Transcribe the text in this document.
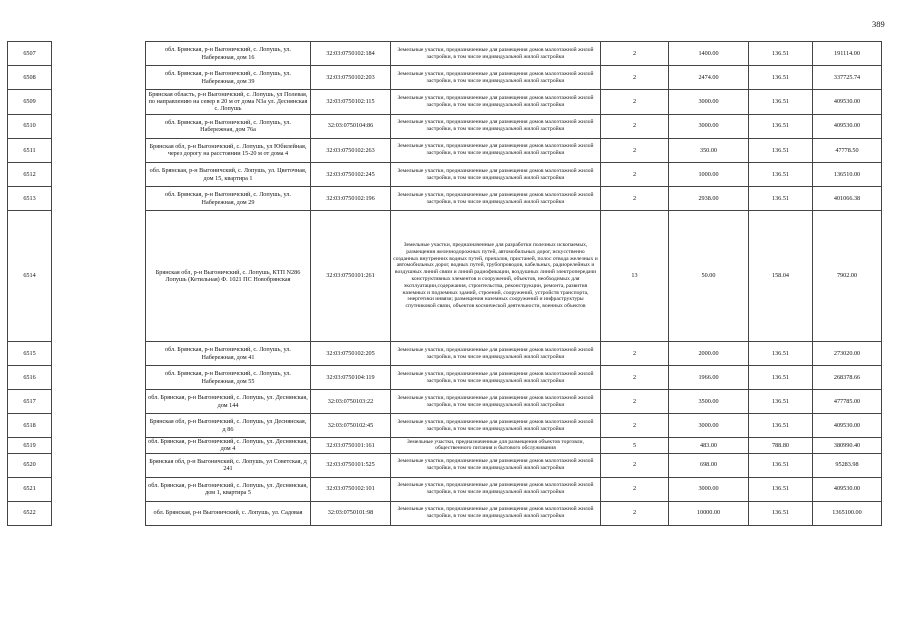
389
6507		обл. Брянская, р-н Выгоничский, с. Лопушь, ул. Набережная, дом 16	32:03:0750102:184	Земельные участки, предназначенные для размещения домов малоэтажной жилой застройки, в том числе индивидуальной жилой застройки	2	1400.00	136.51	191114.00
6508		обл. Брянская, р-н Выгоничский, с. Лопушь, ул. Набережная, дом 39	32:03:0750102:203	Земельные участки, предназначенные для размещения домов малоэтажной жилой застройки, в том числе индивидуальной жилой застройки	2	2474.00	136.51	337725.74
6509		Брянская область, р-н Выгоничский, с. Лопушь, ул Полевая, по направлению на север в 20 м от дома N3а ул. Деснянская с. Лопушь	32:03:0750102:115	Земельные участки, предназначенные для размещения домов малоэтажной жилой застройки, в том числе индивидуальной жилой застройки	2	3000.00	136.51	409530.00
6510		обл. Брянская, р-н Выгоничский, с. Лопушь, ул. Набережная, дом 76а	32:03:0750104:86	Земельные участки, предназначенные для размещения домов малоэтажной жилой застройки, в том числе индивидуальной жилой застройки	2	3000.00	136.51	409530.00
6511		Брянская обл, р-н Выгоничский, с. Лопушь, ул Юбилейная, через дорогу на расстоянии 15-20 м от дома 4	32:03:0750102:263	Земельные участки, предназначенные для размещения домов малоэтажной жилой застройки, в том числе индивидуальной жилой застройки	2	350.00	136.51	47778.50
6512		обл. Брянская, р-н Выгоничский, с. Лопушь, ул. Цветочная, дом 15, квартира 1	32:03:0750102:245	Земельные участки, предназначенные для размещения домов малоэтажной жилой застройки, в том числе индивидуальной жилой застройки	2	1000.00	136.51	136510.00
6513		обл. Брянская, р-н Выгоничский, с. Лопушь, ул. Набережная, дом 29	32:03:0750102:196	Земельные участки, предназначенные для размещения домов малоэтажной жилой застройки, в том числе индивидуальной жилой застройки	2	2938.00	136.51	401066.38
6514		Брянская обл, р-н Выгоничский, с. Лопушь, КТП N286 Лопушь (Кетильная) Ф. 1021 ПС Новобрянская	32:03:0750101:261	Земельные участки, предназначенные для разработки полезных ископаемых, размещения железнодорожных путей, автомобильных дорог, искусственно созданных внутренних водных путей, причалов, пристаней, полос отвода железных и автомобильных дорог, водных путей, трубопроводов, кабельных, радиорелейных и воздушных линий связи и линий радиофикации, воздушных линий электропередачи конструктивных элементов и сооружений, объектов, необходимых для эксплуатации,содержания, строительства, реконструкции, ремонта, развития наземных и подземных зданий, строений, сооружений, устройств транспорта, энергетики инвязи; размещения наземных сооружений и инфраструктуры спутниковой связи, объектов космической деятельности, военных объектов	13	50.00	158.04	7902.00
6515		обл. Брянская, р-н Выгоничский, с. Лопушь, ул. Набережная, дом 41	32:03:0750102:205	Земельные участки, предназначенные для размещения домов малоэтажной жилой застройки, в том числе индивидуальной жилой застройки	2	2000.00	136.51	273020.00
6516		обл. Брянская, р-н Выгоничский, с. Лопушь, ул. Набережная, дом 55	32:03:0750104:119	Земельные участки, предназначенные для размещения домов малоэтажной жилой застройки, в том числе индивидуальной жилой застройки	2	1966.00	136.51	268378.66
6517		обл. Брянская, р-н Выгоничский, с. Лопушь, ул. Деснянская, дом 144	32:03:0750103:22	Земельные участки, предназначенные для размещения домов малоэтажной жилой застройки, в том числе индивидуальной жилой застройки	2	3500.00	136.51	477785.00
6518		Брянская обл, р-н Выгоничский, с. Лопушь, ул Деснянская, д 86	32:03:0750102:45	Земельные участки, предназначенные для размещения домов малоэтажной жилой застройки, в том числе индивидуальной жилой застройки	2	3000.00	136.51	409530.00
6519		обл. Брянская, р-н Выгоничский, с. Лопушь, ул. Деснянская, дом 4	32:03:0750101:161	Земельные участки, предназначенные для размещения объектов торговли, общественного питания и бытового обслуживания	5	483.00	788.80	380990.40
6520		Брянская обл, р-н Выгоничский, с. Лопушь, ул Советская, д 241	32:03:0750101:525	Земельные участки, предназначенные для размещения домов малоэтажной жилой застройки, в том числе индивидуальной жилой застройки	2	698.00	136.51	95283.98
6521		обл. Брянская, р-н Выгоничский, с. Лопушь, ул. Деснянская, дом 1, квартира 5	32:03:0750102:101	Земельные участки, предназначенные для размещения домов малоэтажной жилой застройки, в том числе индивидуальной жилой застройки	2	3000.00	136.51	409530.00
6522		обл. Брянская, р-н Выгоничский, с. Лопушь, ул. Садовая	32:03:0750101:98	Земельные участки, предназначенные для размещения домов малоэтажной жилой застройки, в том числе индивидуальной жилой застройки	2	10000.00	136.51	1365100.00
